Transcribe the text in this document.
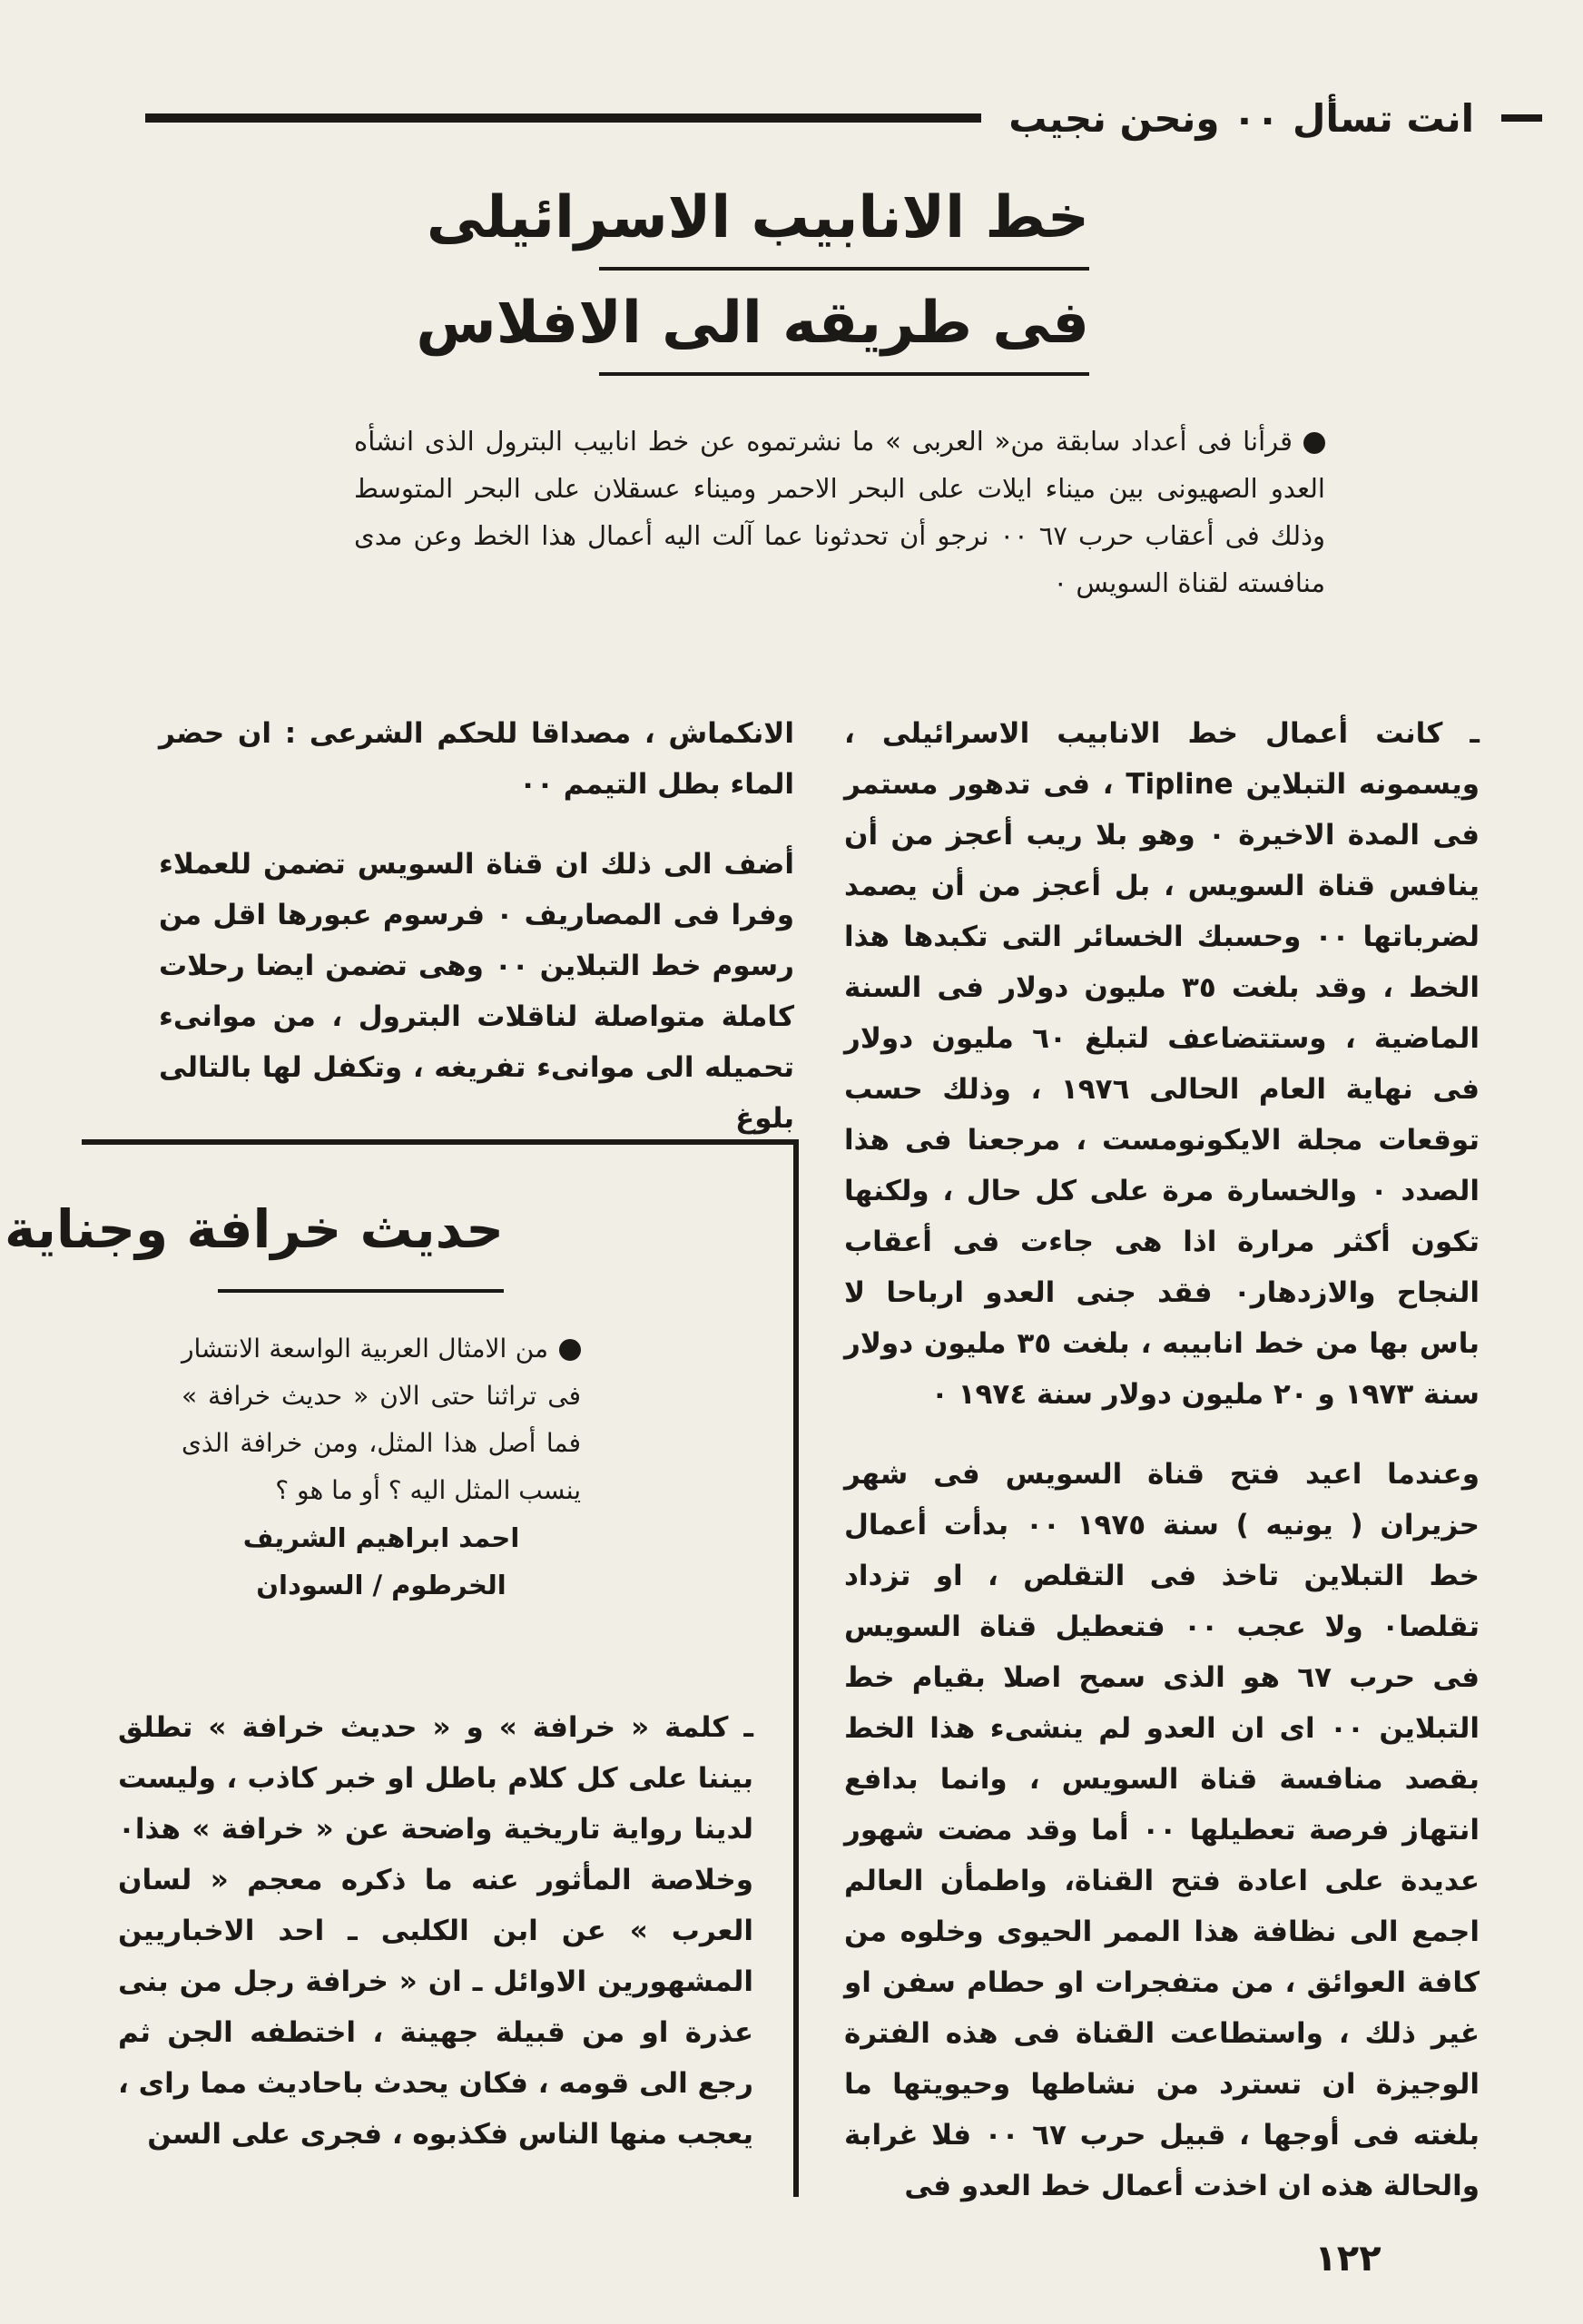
انت تسأل ٠٠ ونحن نجيب
خط الانابيب الاسرائيلى
فى طريقه الى الافلاس
قرأنا فى أعداد سابقة من« العربى » ما نشرتموه عن خط انابيب البترول الذى انشأه العدو الصهيونى بين ميناء ايلات على البحر الاحمر وميناء عسقلان على البحر المتوسط وذلك فى أعقاب حرب ٦٧ ٠٠ نرجو أن تحدثونا عما آلت اليه أعمال هذا الخط وعن مدى منافسته لقناة السويس ٠

ـ كانت أعمال خط الانابيب الاسرائيلى ، ويسمونه التبلاين Tipline ، فى تدهور مستمر فى المدة الاخيرة ٠ وهو بلا ريب أعجز من أن ينافس قناة السويس ، بل أعجز من أن يصمد لضرباتها ٠٠ وحسبك الخسائر التى تكبدها هذا الخط ، وقد بلغت ٣٥ مليون دولار فى السنة الماضية ، وستتضاعف لتبلغ ٦٠ مليون دولار فى نهاية العام الحالى ١٩٧٦ ، وذلك حسب توقعات مجلة الايكونومست ، مرجعنا فى هذا الصدد ٠ والخسارة مرة على كل حال ، ولكنها تكون أكثر مرارة اذا هى جاءت فى أعقاب النجاح والازدهار٠ فقد جنى العدو ارباحا لا باس بها من خط انابيبه ، بلغت ٣٥ مليون دولار سنة ١٩٧٣ و ٢٠ مليون دولار سنة ١٩٧٤ ٠

وعندما اعيد فتح قناة السويس فى شهر حزيران ( يونيه ) سنة ١٩٧٥ ٠٠ بدأت أعمال خط التبلاين تاخذ فى التقلص ، او تزداد تقلصا٠ ولا عجب ٠٠ فتعطيل قناة السويس فى حرب ٦٧ هو الذى سمح اصلا بقيام خط التبلاين ٠٠ اى ان العدو لم ينشىء هذا الخط بقصد منافسة قناة السويس ، وانما بدافع انتهاز فرصة تعطيلها ٠٠ أما وقد مضت شهور عديدة على اعادة فتح القناة، واطمأن العالم اجمع الى نظافة هذا الممر الحيوى وخلوه من كافة العوائق ، من متفجرات او حطام سفن او غير ذلك ، واستطاعت القناة فى هذه الفترة الوجيزة ان تسترد من نشاطها وحيويتها ما بلغته فى أوجها ، قبيل حرب ٦٧ ٠٠ فلا غرابة والحالة هذه ان اخذت أعمال خط العدو فى

الانكماش ، مصداقا للحكم الشرعى : ان حضر الماء بطل التيمم ٠٠

أضف الى ذلك ان قناة السويس تضمن للعملاء وفرا فى المصاريف ٠ فرسوم عبورها اقل من رسوم خط التبلاين ٠٠ وهى تضمن ايضا رحلات كاملة متواصلة لناقلات البترول ، من موانىء تحميله الى موانىء تفريغه ، وتكفل لها بالتالى بلوغ

حديث خرافة وجناية
من الامثال العربية الواسعة الانتشار فى تراثنا حتى الان « حديث خرافة » فما أصل هذا المثل، ومن خرافة الذى ينسب المثل اليه ؟ أو ما هو ؟
احمد ابراهيم الشريف
الخرطوم / السودان
ـ كلمة « خرافة » و « حديث خرافة » تطلق بيننا على كل كلام باطل او خبر كاذب ، وليست لدينا رواية تاريخية واضحة عن « خرافة » هذا٠ وخلاصة المأثور عنه ما ذكره معجم « لسان العرب » عن ابن الكلبى ـ احد الاخباريين المشهورين الاوائل ـ ان « خرافة رجل من بنى عذرة او من قبيلة جهينة ، اختطفه الجن ثم رجع الى قومه ، فكان يحدث باحاديث مما راى ، يعجب منها الناس فكذبوه ، فجرى على السن
١٢٢
